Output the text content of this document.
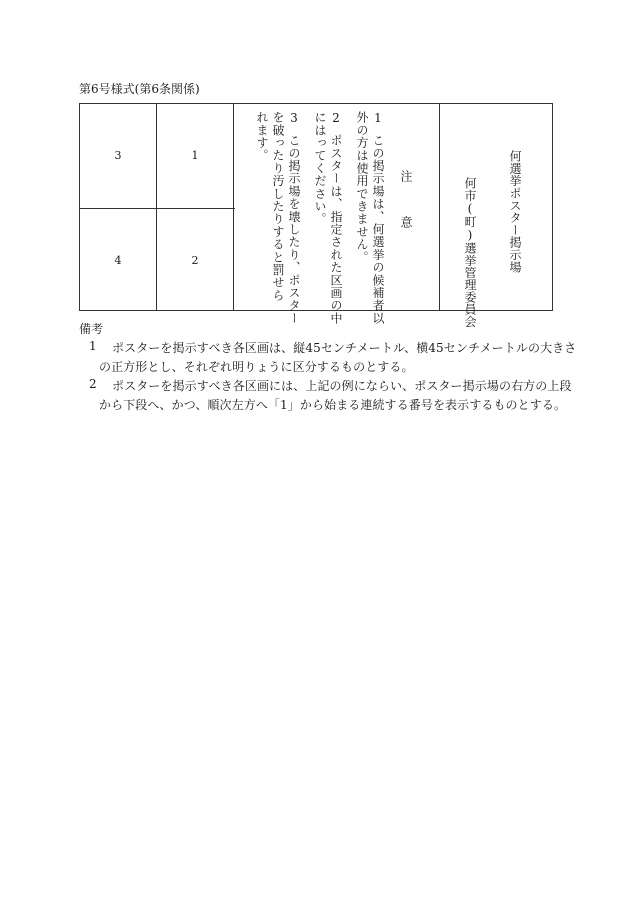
第6号様式(第6条関係)
3	1
4	2
注 意
1
この掲示場は、何選挙の候補者以
外の方は使用できません。
2
ポスターは、指定された区画の中
にはってください。
3
この掲示場を壊したり、ポスター
を破ったり汚したりすると罰せら
れます。
何選挙ポスター掲示場
何市(町)選挙管理委員会
備考
1 ポスターを掲示すべき各区画は、縦45センチメートル、横45センチメートルの大きさ
の正方形とし、それぞれ明りょうに区分するものとする。
2 ポスターを掲示すべき各区画には、上記の例にならい、ポスター掲示場の右方の上段
から下段へ、かつ、順次左方へ「1」から始まる連続する番号を表示するものとする。
